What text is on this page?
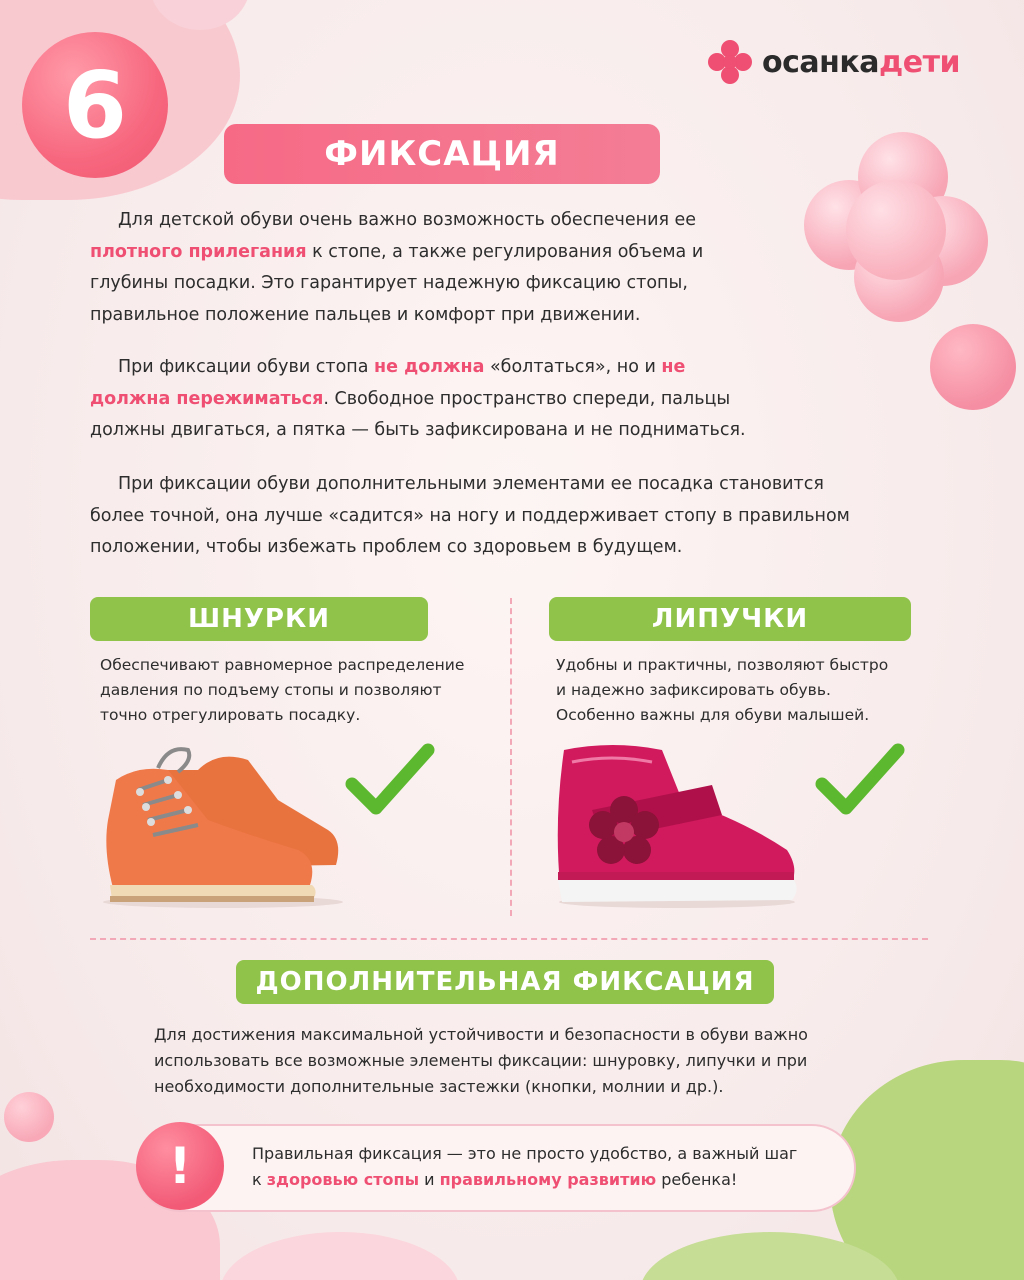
6	осанкадети
ФИКСАЦИЯ

Для детской обуви очень важно возможность обеспечения ее плотного прилегания к стопе, а также регулирования объема и глубины посадки. Это гарантирует надежную фиксацию стопы, правильное положение пальцев и комфорт при движении.

При фиксации обуви стопа не должна «болтаться», но и не должна пережиматься. Свободное пространство спереди, пальцы должны двигаться, а пятка — быть зафиксирована и не подниматься.

При фиксации обуви дополнительными элементами ее посадка становится более точной, она лучше «садится» на ногу и поддерживает стопу в правильном положении, чтобы избежать проблем со здоровьем в будущем.

ШНУРКИ
Обеспечивают равномерное распределение
давления по подъему стопы и позволяют
точно отрегулировать посадку.
ЛИПУЧКИ
Удобны и практичны, позволяют быстро
и надежно зафиксировать обувь.
Особенно важны для обуви малышей.
ДОПОЛНИТЕЛЬНАЯ ФИКСАЦИЯ
Для достижения максимальной устойчивости и безопасности в обуви важно
использовать все возможные элементы фиксации: шнуровку, липучки и при
необходимости дополнительные застежки (кнопки, молнии и др.).
!	Правильная фиксация — это не просто удобство, а важный шаг
к здоровью стопы и правильному развитию ребенка!
